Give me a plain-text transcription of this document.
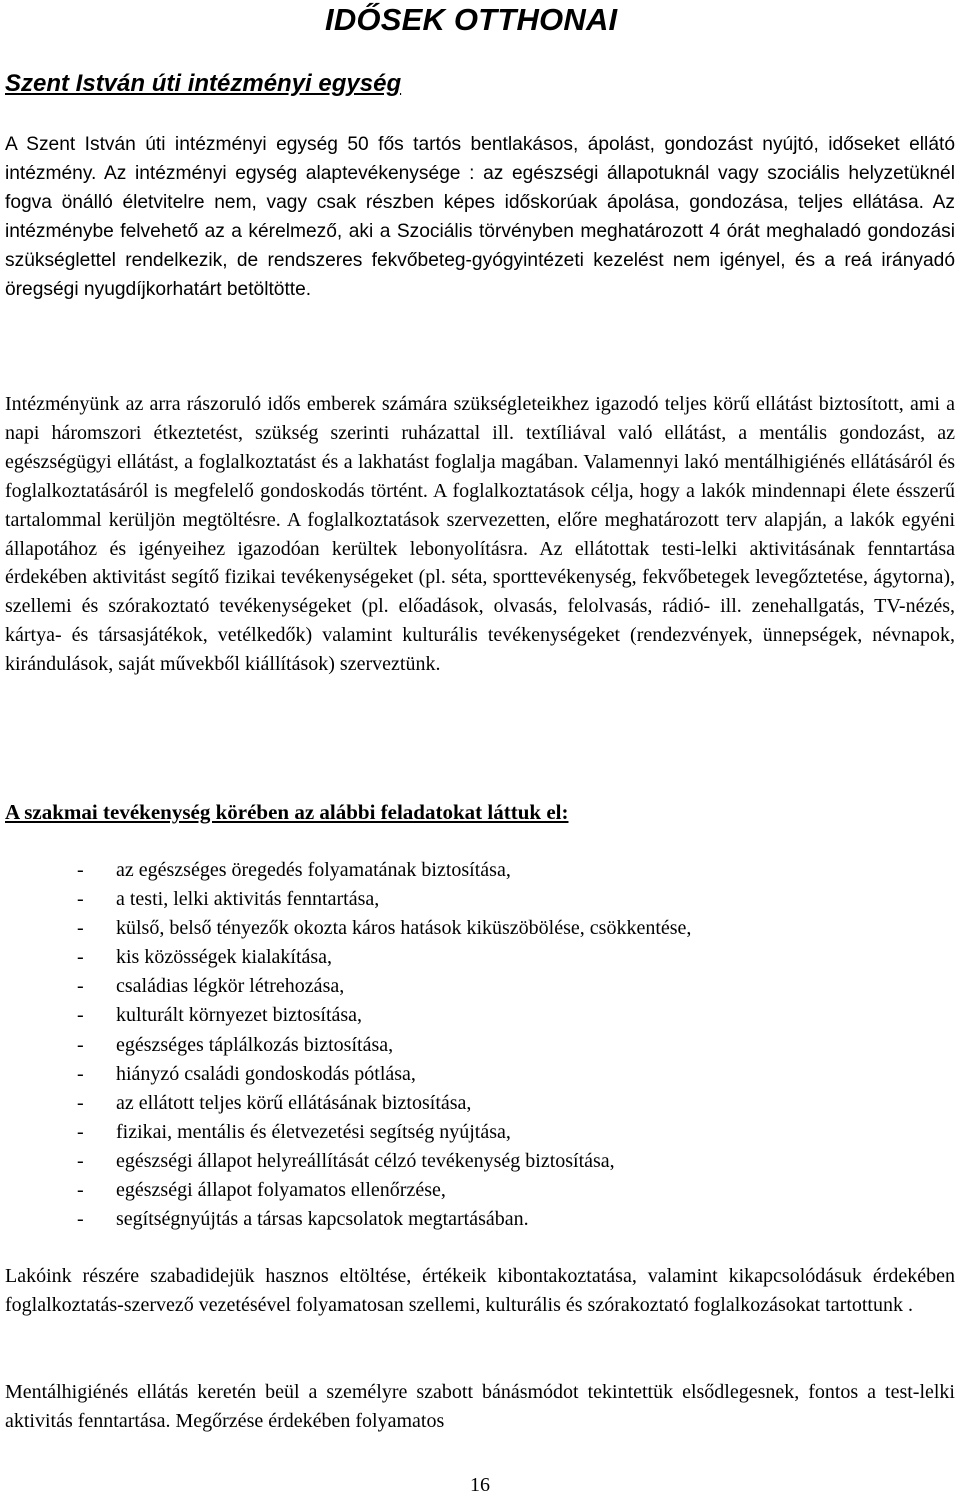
IDŐSEK OTTHONAI
Szent István úti intézményi egység
A Szent István úti intézményi egység 50 fős tartós bentlakásos, ápolást, gondozást nyújtó, időseket ellátó intézmény. Az intézményi egység alaptevékenysége : az egészségi állapotuknál vagy szociális helyzetüknél fogva önálló életvitelre nem, vagy csak részben képes időskorúak ápolása, gondozása, teljes ellátása. Az intézménybe felvehető az a kérelmező, aki a Szociális törvényben meghatározott 4 órát meghaladó gondozási szükséglettel rendelkezik, de rendszeres fekvőbeteg-gyógyintézeti kezelést nem igényel, és a reá irányadó öregségi nyugdíjkorhatárt betöltötte.

Intézményünk az arra rászoruló idős emberek számára szükségleteikhez igazodó teljes körű ellátást biztosított, ami a napi háromszori étkeztetést, szükség szerinti ruházattal ill. textíliával való ellátást, a mentális gondozást, az egészségügyi ellátást, a foglalkoztatást és a lakhatást foglalja magában. Valamennyi lakó mentálhigiénés ellátásáról és foglalkoztatásáról is megfelelő gondoskodás történt. A foglalkoztatások célja, hogy a lakók mindennapi élete ésszerű tartalommal kerüljön megtöltésre. A foglalkoztatások szervezetten, előre meghatározott terv alapján, a lakók egyéni állapotához és igényeihez igazodóan kerültek lebonyolításra. Az ellátottak testi-lelki aktivitásának fenntartása érdekében aktivitást segítő fizikai tevékenységeket (pl. séta, sporttevékenység, fekvőbetegek levegőztetése, ágytorna), szellemi és szórakoztató tevékenységeket (pl. előadások, olvasás, felolvasás, rádió- ill. zenehallgatás, TV-nézés, kártya- és társasjátékok, vetélkedők) valamint kulturális tevékenységeket (rendezvények, ünnepségek, névnapok, kirándulások, saját művekből kiállítások) szerveztünk.

A szakmai tevékenység körében az alábbi feladatokat láttuk el:
- az egészséges öregedés folyamatának biztosítása,
- a testi, lelki aktivitás fenntartása,
- külső, belső tényezők okozta káros hatások kiküszöbölése, csökkentése,
- kis közösségek kialakítása,
- családias légkör létrehozása,
- kulturált környezet biztosítása,
- egészséges táplálkozás biztosítása,
- hiányzó családi gondoskodás pótlása,
- az ellátott teljes körű ellátásának biztosítása,
- fizikai, mentális és életvezetési segítség nyújtása,
- egészségi állapot helyreállítását célzó tevékenység biztosítása,
- egészségi állapot folyamatos ellenőrzése,
- segítségnyújtás a társas kapcsolatok megtartásában.

Lakóink részére szabadidejük hasznos eltöltése, értékeik kibontakoztatása, valamint kikapcsolódásuk érdekében foglalkoztatás-szervező vezetésével folyamatosan szellemi, kulturális és szórakoztató foglalkozásokat tartottunk .

Mentálhigiénés ellátás keretén beül a személyre szabott bánásmódot tekintettük elsődlegesnek, fontos a test-lelki aktivitás fenntartása. Megőrzése érdekében folyamatos

16
